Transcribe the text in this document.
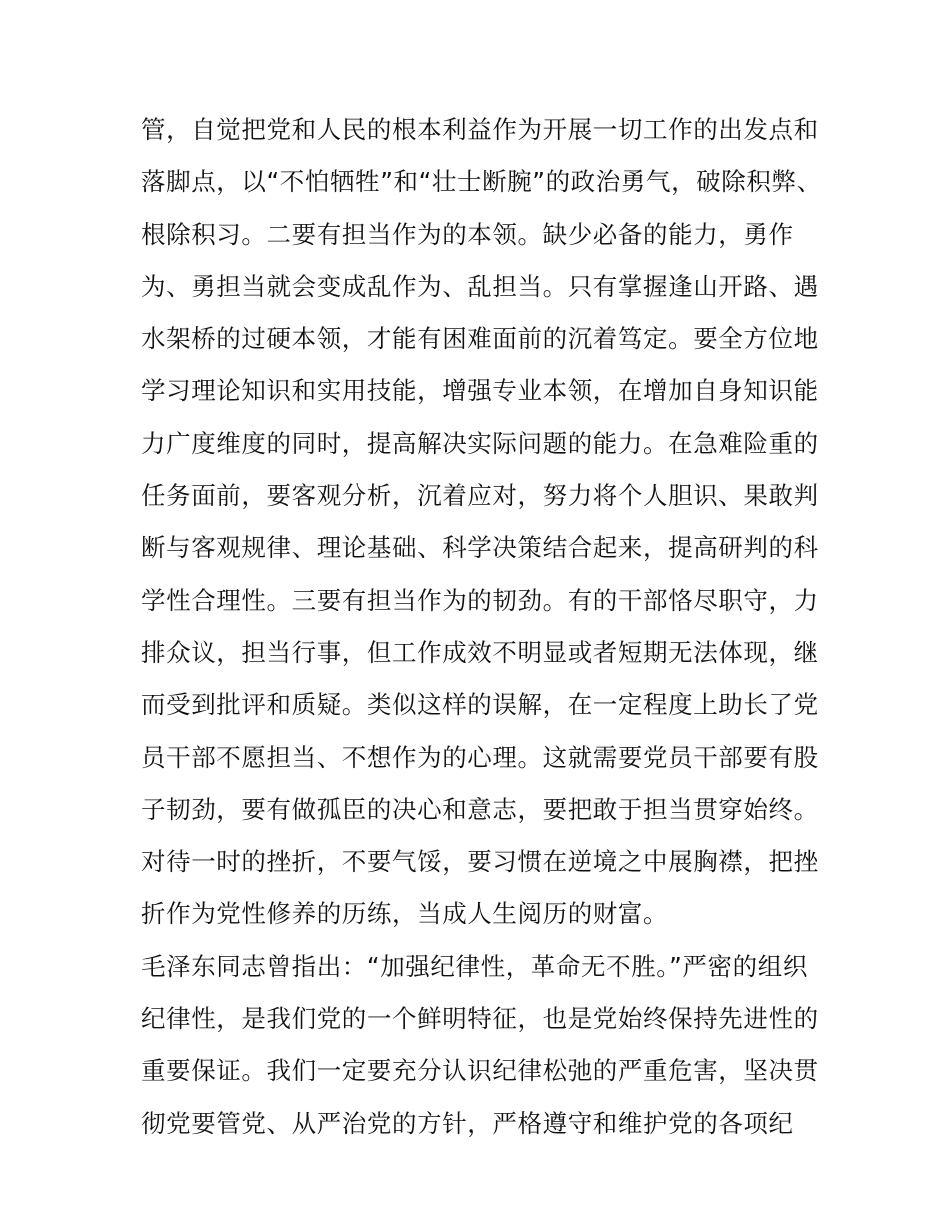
管，自觉把党和人民的根本利益作为开展一切工作的出发点和
落脚点，以“不怕牺牲”和“壮士断腕”的政治勇气，破除积弊、
根除积习。二要有担当作为的本领。缺少必备的能力，勇作
为、勇担当就会变成乱作为、乱担当。只有掌握逢山开路、遇
水架桥的过硬本领，才能有困难面前的沉着笃定。要全方位地
学习理论知识和实用技能，增强专业本领，在增加自身知识能
力广度维度的同时，提高解决实际问题的能力。在急难险重的
任务面前，要客观分析，沉着应对，努力将个人胆识、果敢判
断与客观规律、理论基础、科学决策结合起来，提高研判的科
学性合理性。三要有担当作为的韧劲。有的干部恪尽职守，力
排众议，担当行事，但工作成效不明显或者短期无法体现，继
而受到批评和质疑。类似这样的误解，在一定程度上助长了党
员干部不愿担当、不想作为的心理。这就需要党员干部要有股
子韧劲，要有做孤臣的决心和意志，要把敢于担当贯穿始终。
对待一时的挫折，不要气馁，要习惯在逆境之中展胸襟，把挫
折作为党性修养的历练，当成人生阅历的财富。
毛泽东同志曾指出：“加强纪律性，革命无不胜。”严密的组织
纪律性，是我们党的一个鲜明特征，也是党始终保持先进性的
重要保证。我们一定要充分认识纪律松弛的严重危害，坚决贯
彻党要管党、从严治党的方针，严格遵守和维护党的各项纪
